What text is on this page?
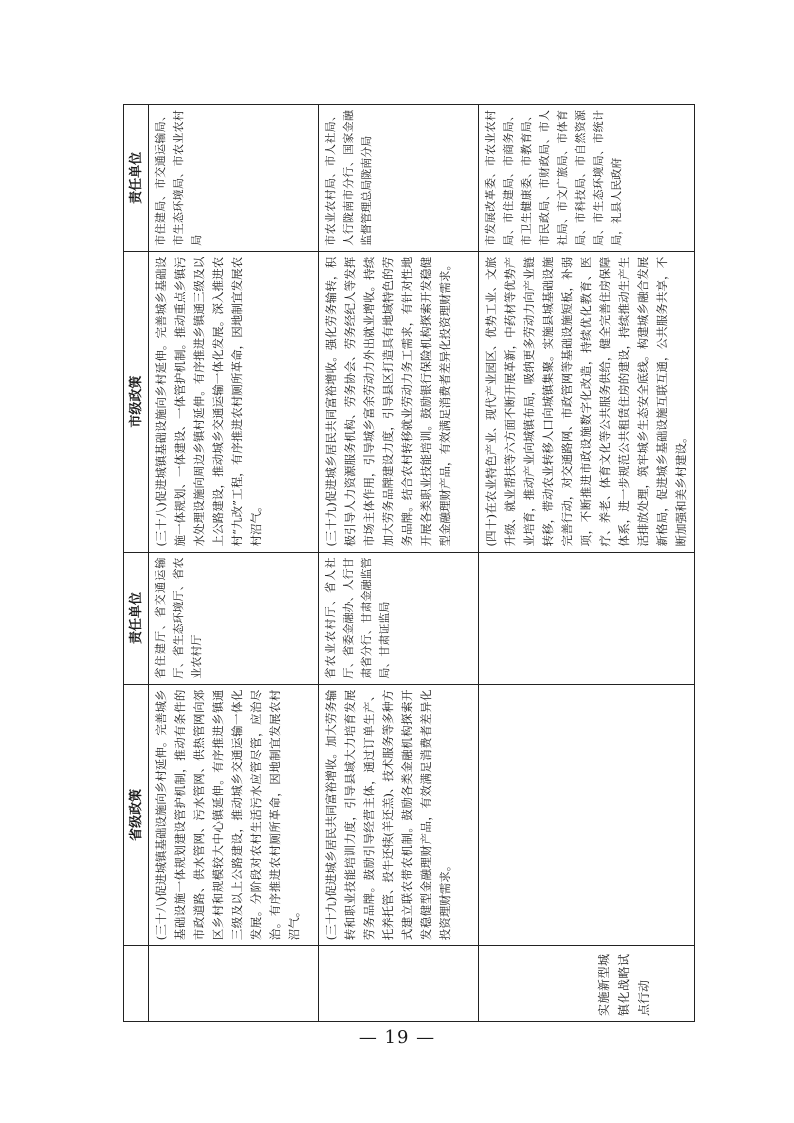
	省级政策	责任单位	市级政策	责任单位
	(三十八)促进城镇基础设施向乡村延伸。完善城乡基础设施一体规划建设管护机制，推动有条件的市政道路、供水管网、污水管网、供热管网向郊区乡村和规模较大中心镇延伸。有序推进乡镇通三级及以上公路建设，推动城乡交通运输一体化发展。分阶段对农村生活污水应管尽管，应治尽治。有序推进农村厕所革命，因地制宜发展农村沼气。	省住建厅、省交通运输厅、省生态环境厅、省农业农村厅	(三十八)促进城镇基础设施向乡村延伸。完善城乡基础设施一体规划、一体建设、一体管护机制。推动重点乡镇污水处理设施向周边乡镇村延伸。有序推进乡镇通三级及以上公路建设，推动城乡交通运输一体化发展。深入推进农村“九改”工程，有序推进农村厕所革命，因地制宜发展农村沼气。	市住建局、市交通运输局、市生态环境局、市农业农村局
	(三十九)促进城乡居民共同富裕增收。加大劳务输转和职业技能培训力度，引导县域大力培育发展劳务品牌。鼓励引导经营主体，通过订单生产、托养托管、投牛还犊(羊还羔)、技术服务等多种方式建立联农带农机制。鼓励各类金融机构探索开发稳健型金融理财产品，有效满足消费者差异化投资理财需求。	省农业农村厅、省人社厅、省委金融办、人行甘肃省分行、甘肃金融监管局、甘肃证监局	(三十九)促进城乡居民共同富裕增收。强化劳务输转，积极引导人力资源服务机构、劳务协会、劳务经纪人等发挥市场主体作用，引导城乡富余劳动力外出就业增收。持续加大劳务品牌建设力度，引导县区打造具有地域特色的劳务品牌。结合农村转移就业劳动力务工需求，有针对性地开展各类职业技能培训。鼓励银行保险机构探索开发稳健型金融理财产品，有效满足消费者差异化投资理财需求。	市农业农村局、市人社局、人行陇南市分行、国家金融监督管理总局陇南分局

实施新型城镇化战略试点行动			(四十)在农业特色产业、现代产业园区、优势工业、文旅升级、就业帮扶等六方面不断开展革新，中药材等优势产业培育，推动产业向城镇布局，吸纳更多劳动力向产业链转移，带动农业转移人口向城镇集聚。实施县城基础设施完善行动，对交通路网、市政管网等基础设施短板，补弱项，不断推进市政设施数字化改造，持续优化教育、医疗、养老、体育文化等公共服务供给，健全完善住房保障体系，进一步规范公共租赁住房的建设，持续推动生产生活排放处理，筑牢城乡生态安全底线。构建城乡融合发展新格局，促进城乡基础设施互联互通，公共服务共享，不断加强和美乡村建设。	市发展改革委、市农业农村局、市住建局、市商务局、市卫生健康委、市教育局、市民政局、市财政局、市人社局、市文广旅局、市体育局、市科技局、市自然资源局、市生态环境局、市统计局，礼县人民政府
— 19 —
